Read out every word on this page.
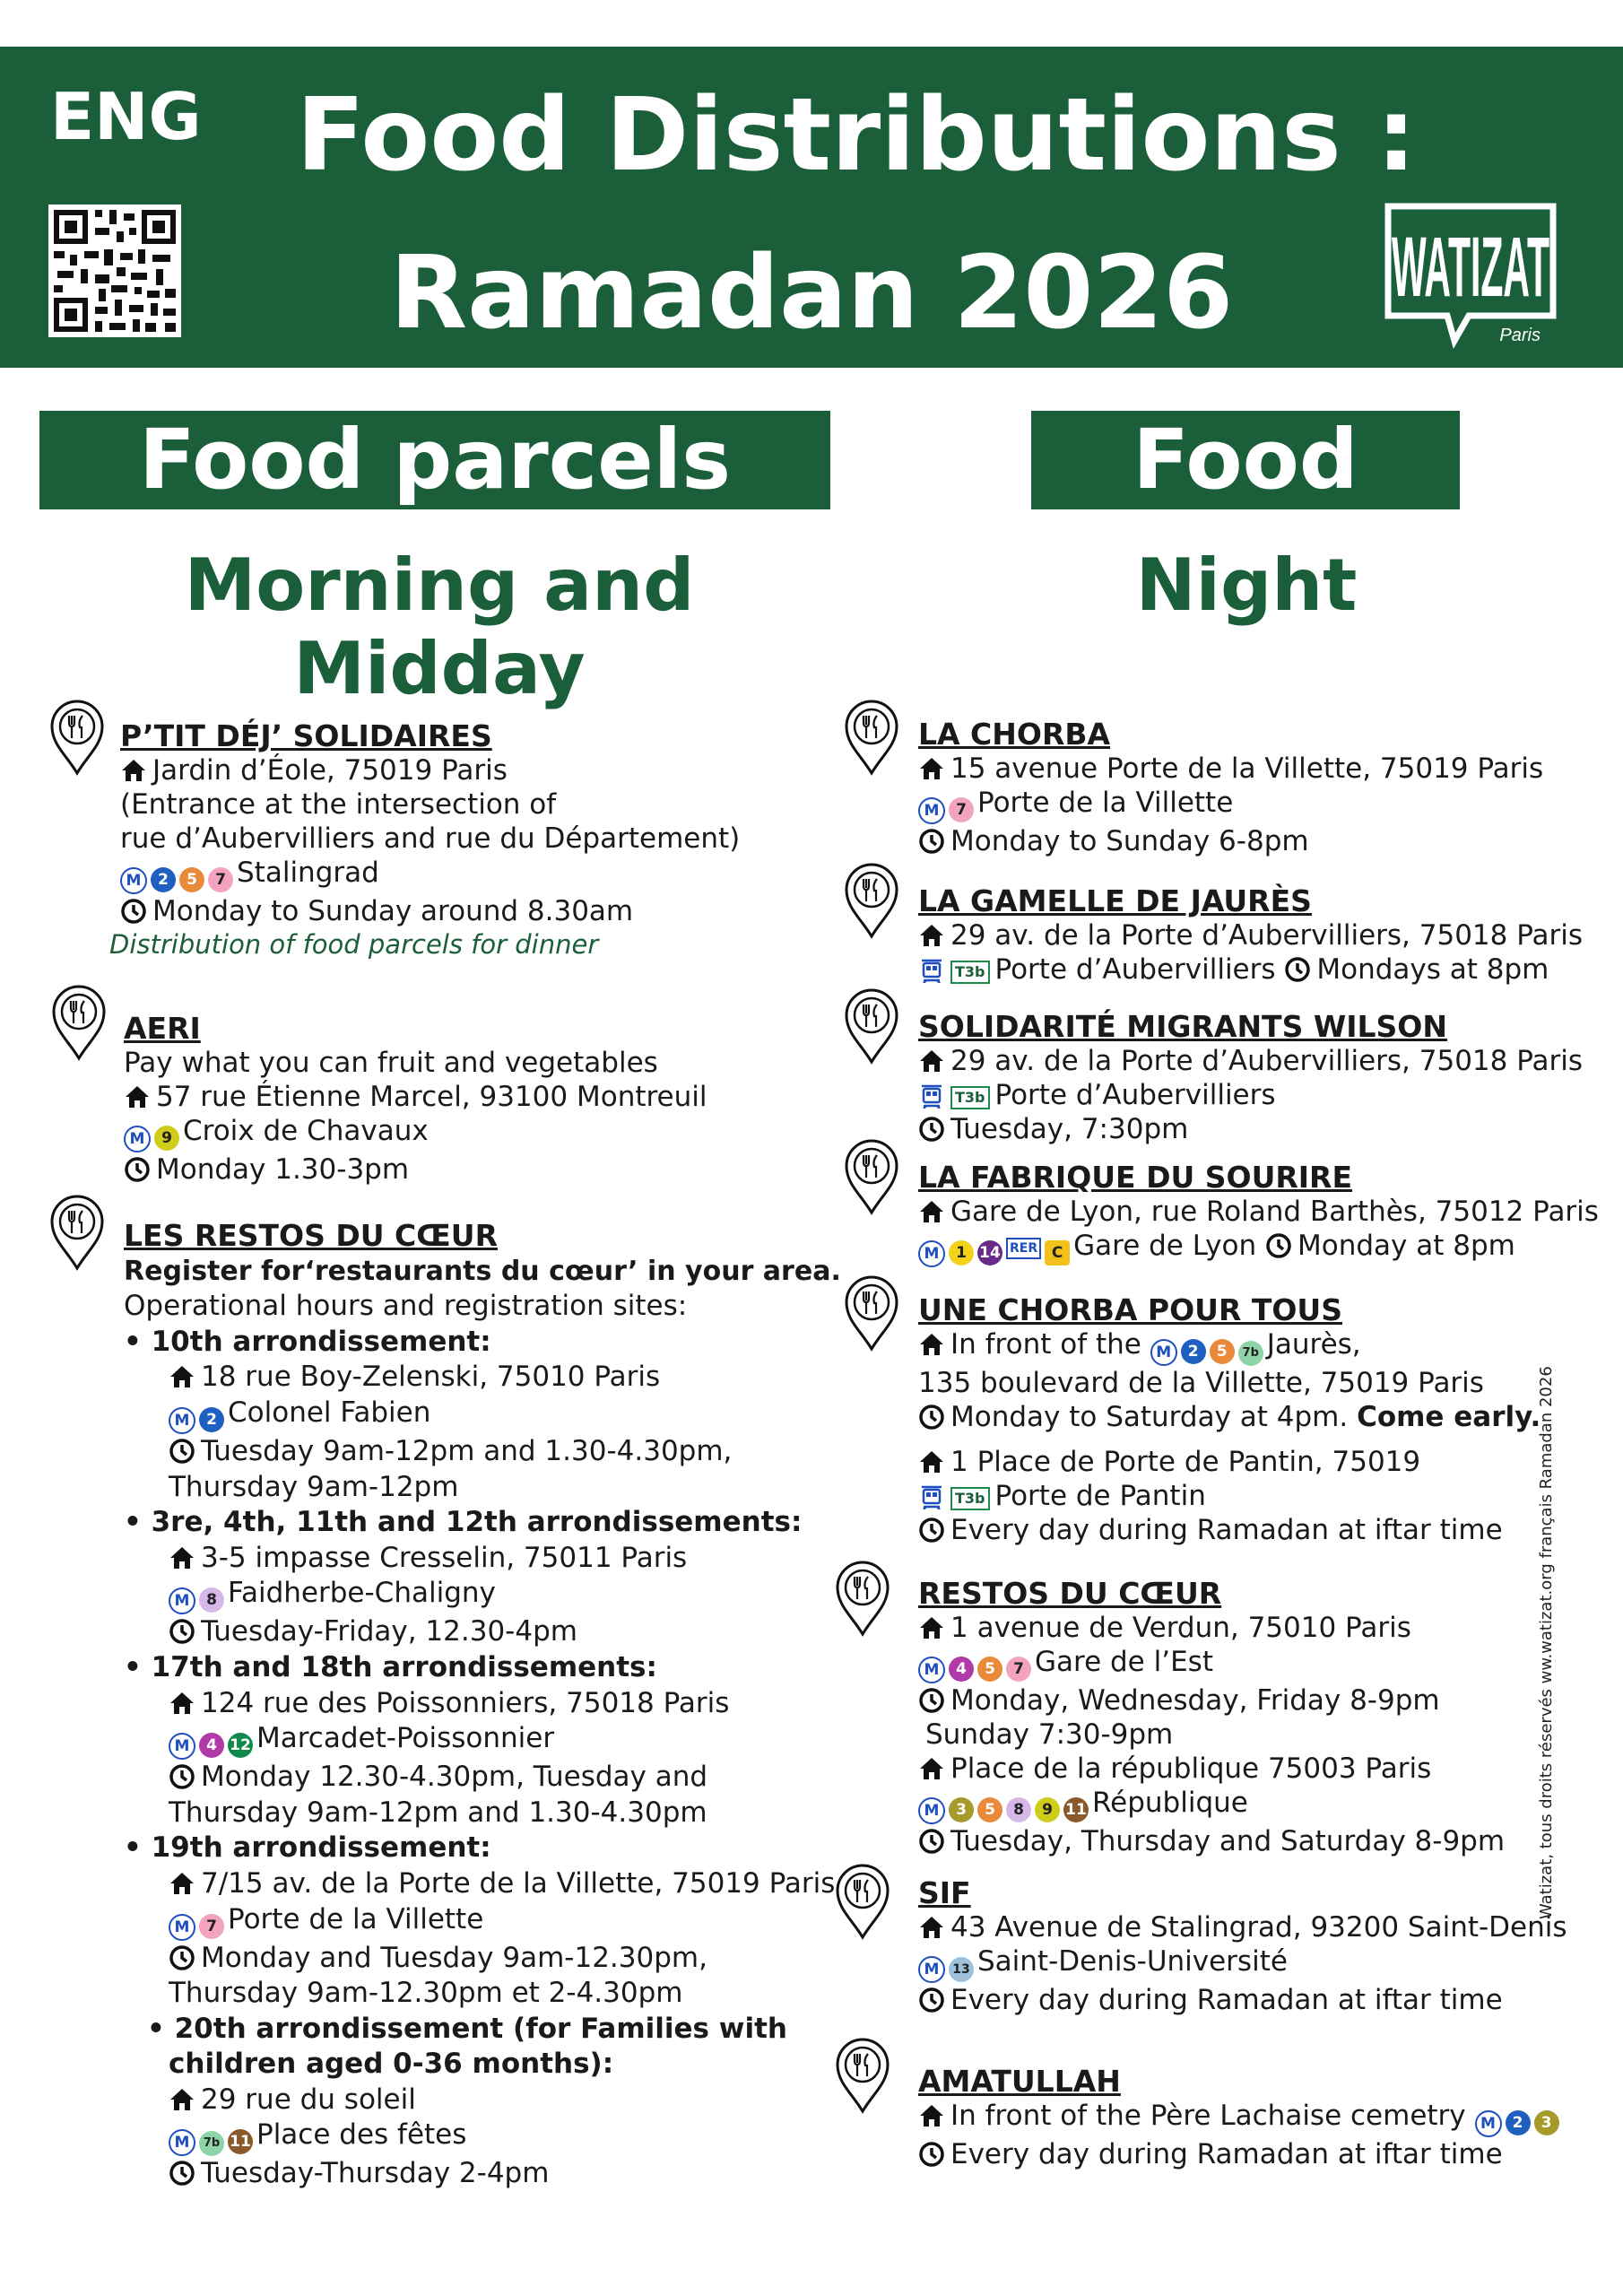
ENG Food Distributions :
Ramadan 2026	WATIZAT
Paris
Food parcels	Food
Morning and Midday
Night
P’TIT DÉJ’ SOLIDAIRES
Jardin d’Éole, 75019 Paris
(Entrance at the intersection of
rue d’Aubervilliers and rue du Département)
M 2 5 7 Stalingrad
Monday to Sunday around 8.30am
Distribution of food parcels for dinner
AERI
Pay what you can fruit and vegetables
57 rue Étienne Marcel, 93100 Montreuil
M 9 Croix de Chavaux
Monday 1.30-3pm
LES RESTOS DU CŒUR
Register for‘restaurants du cœur’ in your area.
Operational hours and registration sites:
• 10th arrondissement:
18 rue Boy-Zelenski, 75010 Paris
M 2 Colonel Fabien
Tuesday 9am-12pm and 1.30-4.30pm,
Thursday 9am-12pm
• 3re, 4th, 11th and 12th arrondissements:
3-5 impasse Cresselin, 75011 Paris
M 8 Faidherbe-Chaligny
Tuesday-Friday, 12.30-4pm
• 17th and 18th arrondissements:
124 rue des Poissonniers, 75018 Paris
M 4 12 Marcadet-Poissonnier
Monday 12.30-4.30pm, Tuesday and
Thursday 9am-12pm and 1.30-4.30pm
• 19th arrondissement:
7/15 av. de la Porte de la Villette, 75019 Paris
M 7 Porte de la Villette
Monday and Tuesday 9am-12.30pm,
Thursday 9am-12.30pm et 2-4.30pm
• 20th arrondissement (for Families with
children aged 0-36 months):
29 rue du soleil
M 7b 11 Place des fêtes
Tuesday-Thursday 2-4pm
LA CHORBA
15 avenue Porte de la Villette, 75019 Paris
M 7 Porte de la Villette
Monday to Sunday 6-8pm
LA GAMELLE DE JAURÈS
29 av. de la Porte d’Aubervilliers, 75018 Paris
T3b Porte d’Aubervilliers Mondays at 8pm
SOLIDARITÉ MIGRANTS WILSON
29 av. de la Porte d’Aubervilliers, 75018 Paris
T3b Porte d’Aubervilliers
Tuesday, 7:30pm
LA FABRIQUE DU SOURIRE
Gare de Lyon, rue Roland Barthès, 75012 Paris
M 1 14 RER C Gare de Lyon Monday at 8pm
UNE CHORBA POUR TOUS
In front of the M 2 5 7b Jaurès,
135 boulevard de la Villette, 75019 Paris
Monday to Saturday at 4pm. Come early.
1 Place de Porte de Pantin, 75019
T3b Porte de Pantin
Every day during Ramadan at iftar time
RESTOS DU CŒUR
1 avenue de Verdun, 75010 Paris
M 4 5 7 Gare de l’Est
Monday, Wednesday, Friday 8-9pm
Sunday 7:30-9pm
Place de la république 75003 Paris
M 3 5 8 9 11 République
Tuesday, Thursday and Saturday 8-9pm
SIF
43 Avenue de Stalingrad, 93200 Saint-Denis
M 13 Saint-Denis-Université
Every day during Ramadan at iftar time
AMATULLAH
In front of the Père Lachaise cemetry M 2 3
Every day during Ramadan at iftar time
Watizat, tous droits réservés ww.watizat.org français Ramadan 2026
